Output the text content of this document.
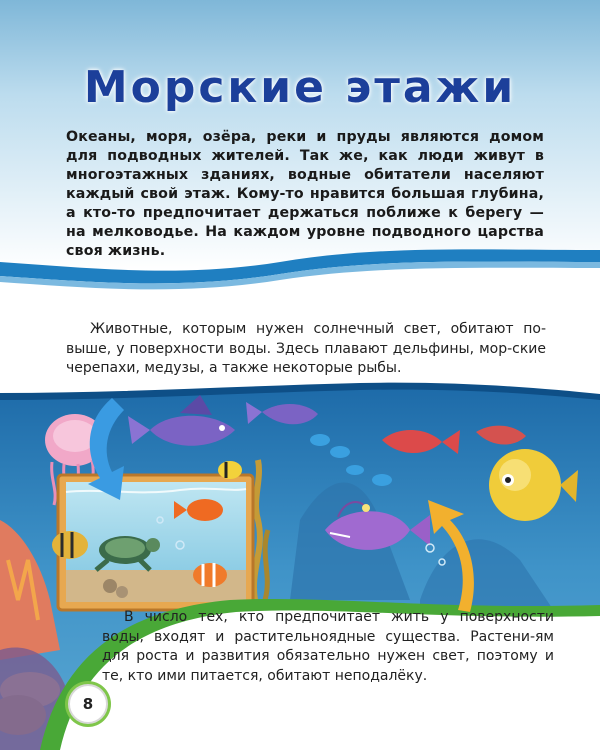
Морские этажи

Океаны, моря, озёра, реки и пруды являются домом для подводных жителей. Так же, как люди живут в многоэтажных зданиях, водные обитатели населяют каждый свой этаж. Кому-то нравится большая глубина, а кто-то предпочитает держаться поближе к берегу — на мелководье. На каждом уровне подводного царства своя жизнь.

Животные, которым нужен солнечный свет, обитают по-выше, у поверхности воды. Здесь плавают дельфины, мор-ские черепахи, медузы, а также некоторые рыбы.

В число тех, кто предпочитает жить у поверхности воды, входят и растительноядные существа. Растени-ям для роста и развития обязательно нужен свет, поэтому и те, кто ими питается, обитают неподалёку.

8
